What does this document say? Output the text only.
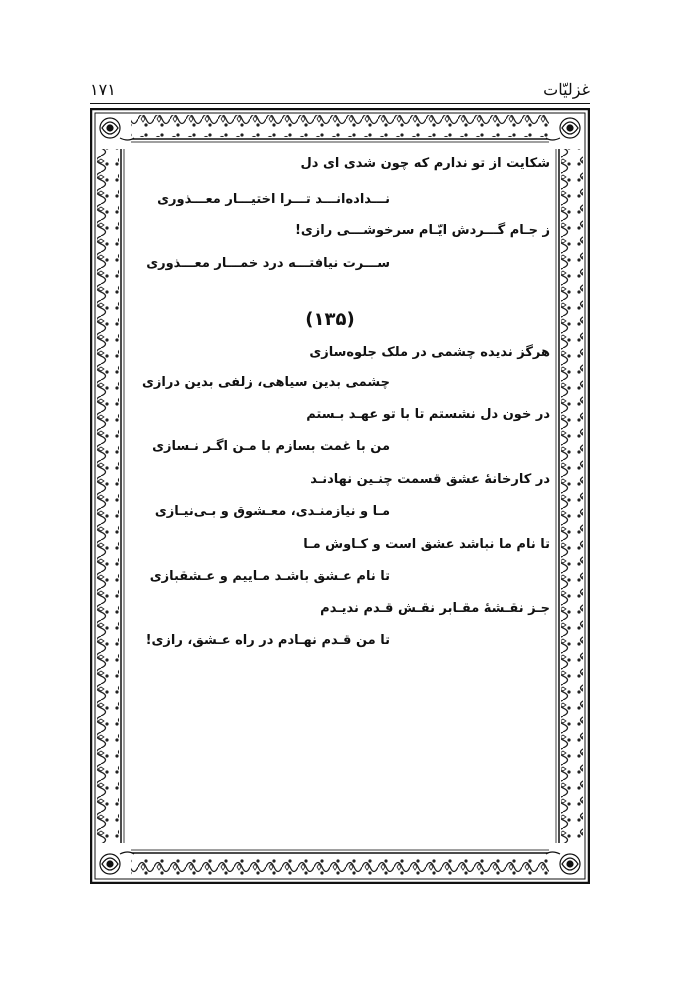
۱۷۱	غزلیّات
شکایت از تو ندارم که چون شدی ای دل
نـــداده‌انـــد تـــرا اختیـــار معـــذوری
ز جـام گـــردش ایّـام سرخوشـــی رازی!
ســـرت نیافتـــه درد خمـــار معـــذوری
(۱۳۵)
هرگز ندیده چشمی در ملک جلوه‌سازی
چشمی بدین سیاهی، زلفی بدین درازی
در خون دل نشستم تا با تو عهـد بـستم
من با غمت بسازم با مـن اگـر نـسازی
در کارخانهٔ عشق قسمت چنـین نهادنـد
مـا و نیازمنـدی، معـشوق و بـی‌نیـازی
تا نام ما نباشد عشق است و کـاوش مـا
تا نام عـشق باشـد مـاییم و عـشقبازی
جـز نقـشهٔ مقـابر نقـش قـدم ندیـدم
تا من قـدم نهـادم در راه عـشق، رازی!
